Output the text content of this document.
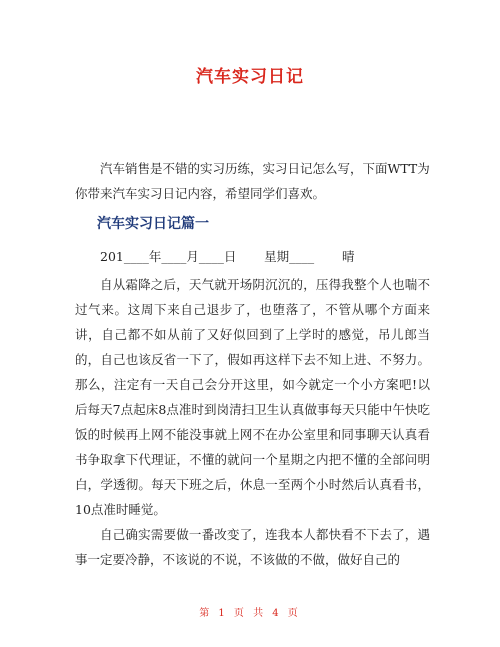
汽车实习日记

汽车销售是不错的实习历练，实习日记怎么写，下面WTT为你带来汽车实习日记内容，希望同学们喜欢。

汽车实习日记篇一
201____年____月____日       星期____       晴

自从霜降之后，天气就开场阴沉沉的，压得我整个人也喘不过气来。这周下来自己退步了，也堕落了，不管从哪个方面来讲，自己都不如从前了又好似回到了上学时的感觉，吊儿郎当的，自己也该反省一下了，假如再这样下去不知上进、不努力。那么，注定有一天自己会分开这里，如今就定一个小方案吧!以后每天7点起床8点准时到岗清扫卫生认真做事每天只能中午快吃饭的时候再上网不能没事就上网不在办公室里和同事聊天认真看书争取拿下代理证，不懂的就问一个星期之内把不懂的全部问明白，学透彻。每天下班之后，休息一至两个小时然后认真看书，10点准时睡觉。

自己确实需要做一番改变了，连我本人都快看不下去了，遇事一定要冷静，不该说的不说，不该做的不做，做好自己的

第 1 页 共 4 页
